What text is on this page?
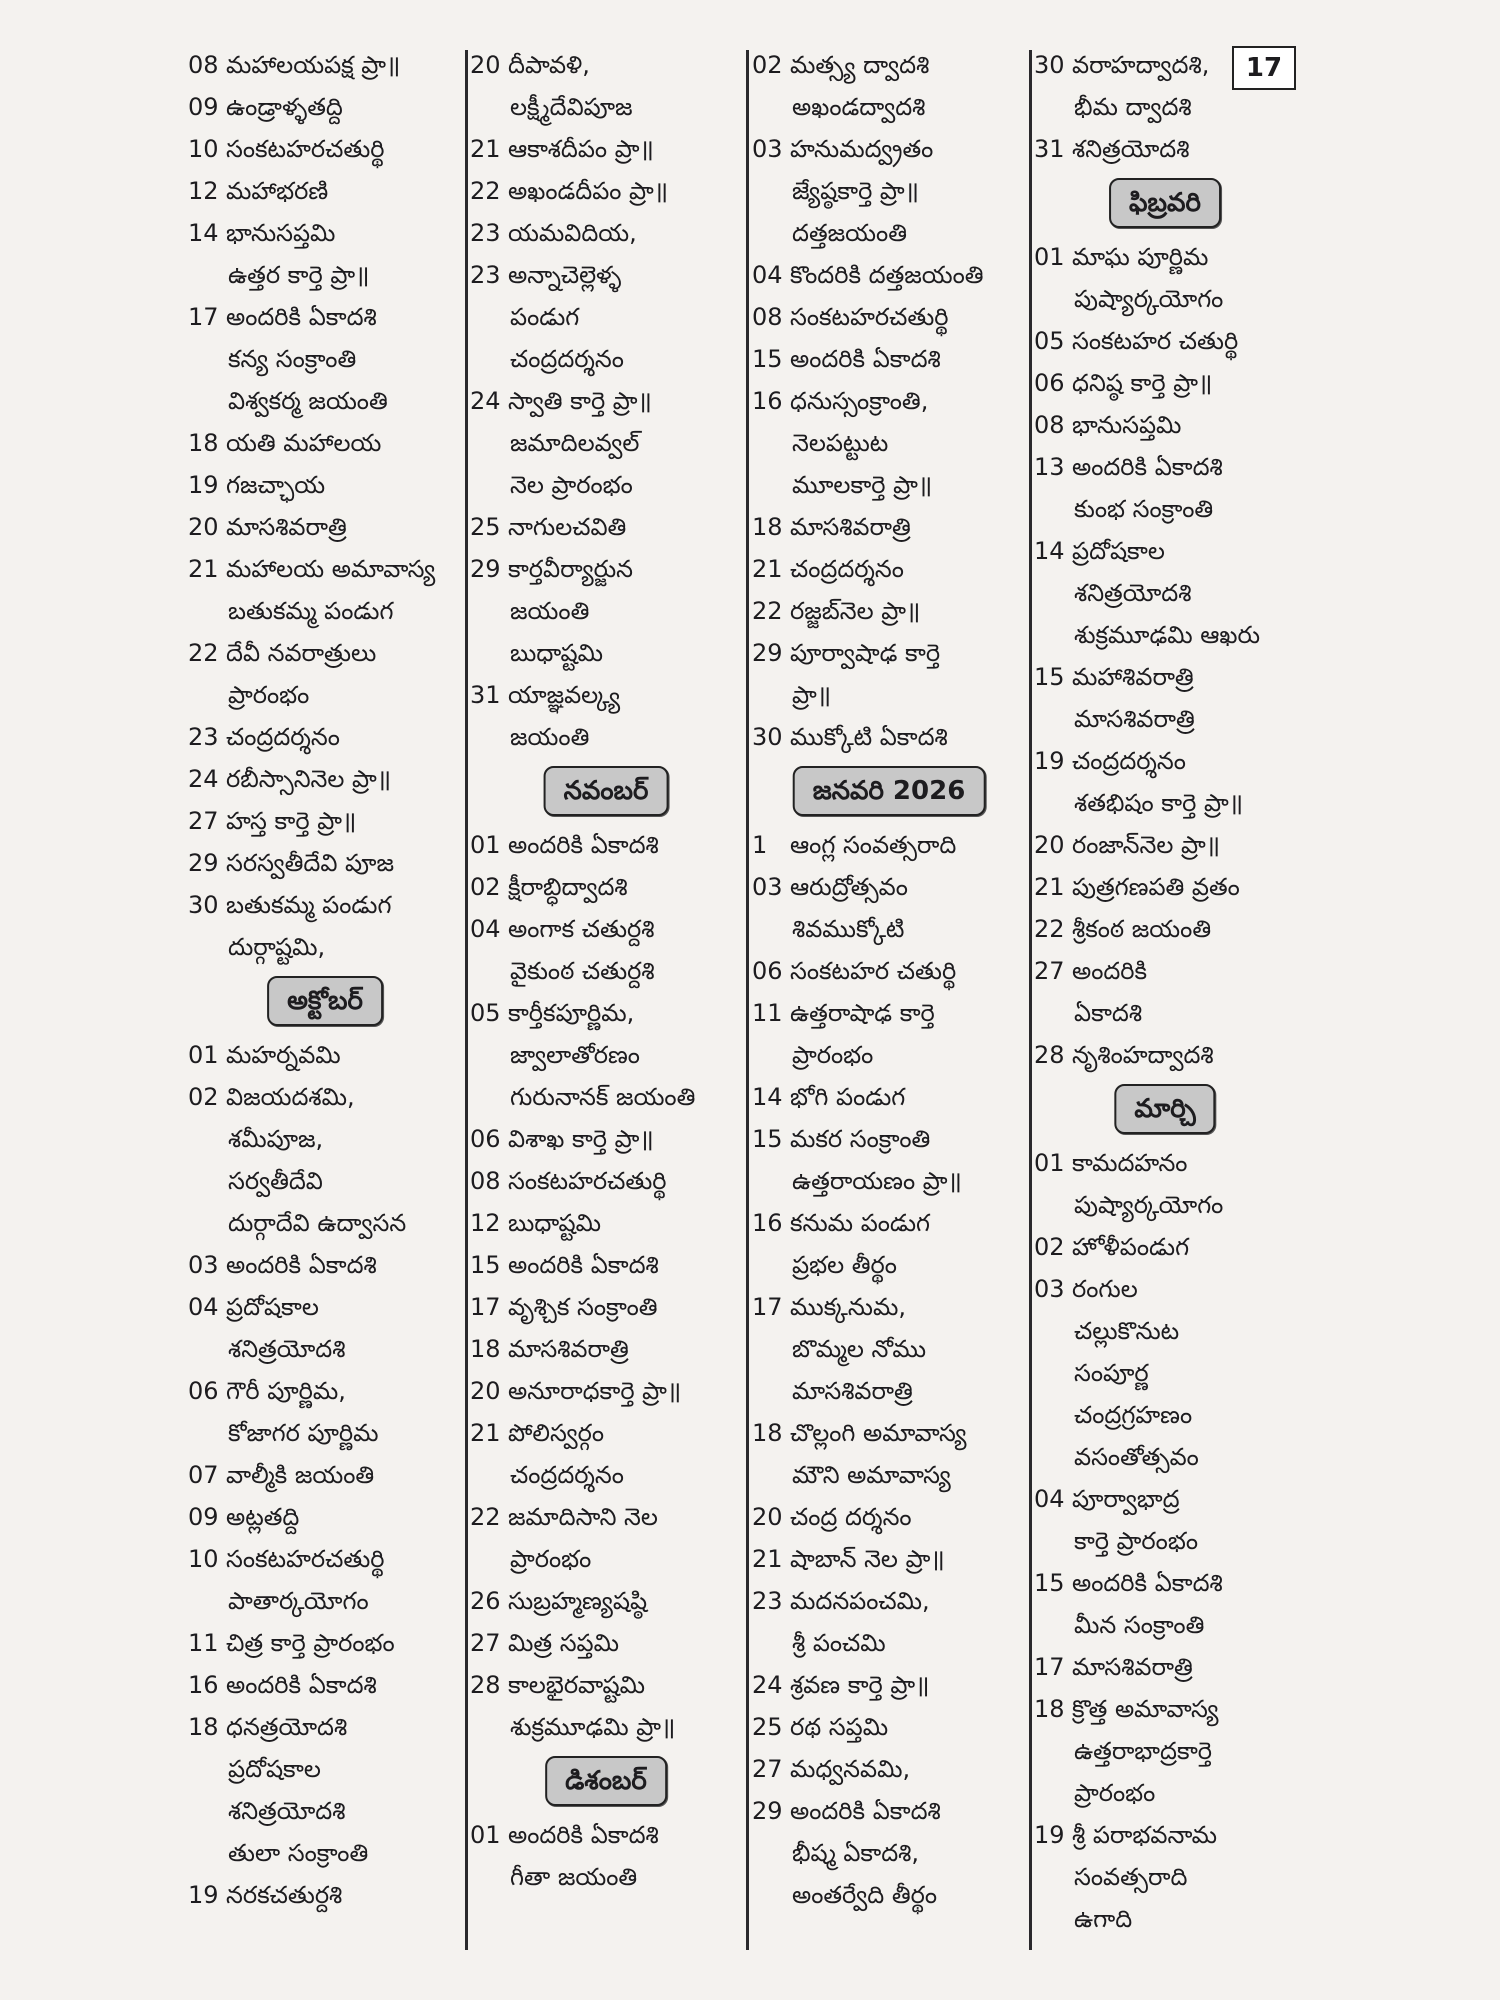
08 మహాలయపక్ష ప్రా॥
09 ఉండ్రాళ్ళతద్ది
10 సంకటహరచతుర్థి
12 మహాభరణి
14 భానుసప్తమి
ఉత్తర కార్తె ప్రా॥
17 అందరికి ఏకాదశి
కన్య సంక్రాంతి
విశ్వకర్మ జయంతి
18 యతి మహాలయ
19 గజచ్ఛాయ
20 మాసశివరాత్రి
21 మహాలయ అమావాస్య
బతుకమ్మ పండుగ
22 దేవీ నవరాత్రులు
ప్రారంభం
23 చంద్రదర్శనం
24 రబీస్సానినెల ప్రా॥
27 హస్త కార్తె ప్రా॥
29 సరస్వతీదేవి పూజ
30 బతుకమ్మ పండుగ
దుర్గాష్టమి,
అక్టోబర్
01 మహర్నవమి
02 విజయదశమి,
శమీపూజ,
సర్వతీదేవి
దుర్గాదేవి ఉద్వాసన
03 అందరికి ఏకాదశి
04 ప్రదోషకాల
శనిత్రయోదశి
06 గౌరీ పూర్ణిమ,
కోజాగర పూర్ణిమ
07 వాల్మీకి జయంతి
09 అట్లతద్ది
10 సంకటహరచతుర్థి
పాతార్కయోగం
11 చిత్ర కార్తె ప్రారంభం
16 అందరికి ఏకాదశి
18 ధనత్రయోదశి
ప్రదోషకాల
శనిత్రయోదశి
తులా సంక్రాంతి
19 నరకచతుర్దశి
20 దీపావళి,
లక్ష్మీదేవిపూజ
21 ఆకాశదీపం ప్రా॥
22 అఖండదీపం ప్రా॥
23 యమవిదియ,
23 అన్నాచెల్లెళ్ళ
పండుగ
చంద్రదర్శనం
24 స్వాతి కార్తె ప్రా॥
జమాదిలవ్వల్
నెల ప్రారంభం
25 నాగులచవితి
29 కార్తవీర్యార్జున
జయంతి
బుధాష్టమి
31 యాజ్ఞవల్క్య
జయంతి
నవంబర్
01 అందరికి ఏకాదశి
02 క్షీరాబ్ధిద్వాదశి
04 అంగాక చతుర్దశి
వైకుంఠ చతుర్దశి
05 కార్తీకపూర్ణిమ,
జ్వాలాతోరణం
గురునానక్ జయంతి
06 విశాఖ కార్తె ప్రా॥
08 సంకటహరచతుర్థి
12 బుధాష్టమి
15 అందరికి ఏకాదశి
17 వృశ్చిక సంక్రాంతి
18 మాసశివరాత్రి
20 అనూరాధకార్తె ప్రా॥
21 పోలిస్వర్గం
చంద్రదర్శనం
22 జమాదిసాని నెల
ప్రారంభం
26 సుబ్రహ్మణ్యషష్ఠి
27 మిత్ర సప్తమి
28 కాలభైరవాష్టమి
శుక్రమూఢమి ప్రా॥
డిశంబర్
01 అందరికి ఏకాదశి
గీతా జయంతి
02 మత్స్య ద్వాదశి
అఖండద్వాదశి
03 హనుమద్వ్రతం
జ్యేష్ఠకార్తె ప్రా॥
దత్తజయంతి
04 కొందరికి దత్తజయంతి
08 సంకటహరచతుర్థి
15 అందరికి ఏకాదశి
16 ధనుస్సంక్రాంతి,
నెలపట్టుట
మూలకార్తె ప్రా॥
18 మాసశివరాత్రి
21 చంద్రదర్శనం
22 రజ్జబ్‌నెల ప్రా॥
29 పూర్వాషాఢ కార్తె
ప్రా॥
30 ముక్కోటి ఏకాదశి
జనవరి 2026
1 ఆంగ్ల సంవత్సరాది
03 ఆరుద్రోత్సవం
శివముక్కోటి
06 సంకటహర చతుర్థి
11 ఉత్తరాషాఢ కార్తె
ప్రారంభం
14 భోగి పండుగ
15 మకర సంక్రాంతి
ఉత్తరాయణం ప్రా॥
16 కనుమ పండుగ
ప్రభల తీర్థం
17 ముక్కనుమ,
బొమ్మల నోము
మాసశివరాత్రి
18 చొల్లంగి అమావాస్య
మౌని అమావాస్య
20 చంద్ర దర్శనం
21 షాబాన్ నెల ప్రా॥
23 మదనపంచమి,
శ్రీ పంచమి
24 శ్రవణ కార్తె ప్రా॥
25 రథ సప్తమి
27 మధ్వనవమి,
29 అందరికి ఏకాదశి
భీష్మ ఏకాదశి,
అంతర్వేది తీర్థం
30 వరాహద్వాదశి,
భీమ ద్వాదశి
31 శనిత్రయోదశి
ఫిబ్రవరి
01 మాఘ పూర్ణిమ
పుష్యార్కయోగం
05 సంకటహర చతుర్థి
06 ధనిష్ఠ కార్తె ప్రా॥
08 భానుసప్తమి
13 అందరికి ఏకాదశి
కుంభ సంక్రాంతి
14 ప్రదోషకాల
శనిత్రయోదశి
శుక్రమూఢమి ఆఖరు
15 మహాశివరాత్రి
మాసశివరాత్రి
19 చంద్రదర్శనం
శతభిషం కార్తె ప్రా॥
20 రంజాన్‌నెల ప్రా॥
21 పుత్రగణపతి వ్రతం
22 శ్రీకంఠ జయంతి
27 అందరికి
ఏకాదశి
28 నృశింహద్వాదశి
మార్చి
01 కామదహనం
పుష్యార్కయోగం
02 హోళీపండుగ
03 రంగుల
చల్లుకొనుట
సంపూర్ణ
చంద్రగ్రహణం
వసంతోత్సవం
04 పూర్వాభాద్ర
కార్తె ప్రారంభం
15 అందరికి ఏకాదశి
మీన సంక్రాంతి
17 మాసశివరాత్రి
18 క్రొత్త అమావాస్య
ఉత్తరాభాద్రకార్తె
ప్రారంభం
19 శ్రీ పరాభవనామ
సంవత్సరాది
ఉగాది
17
